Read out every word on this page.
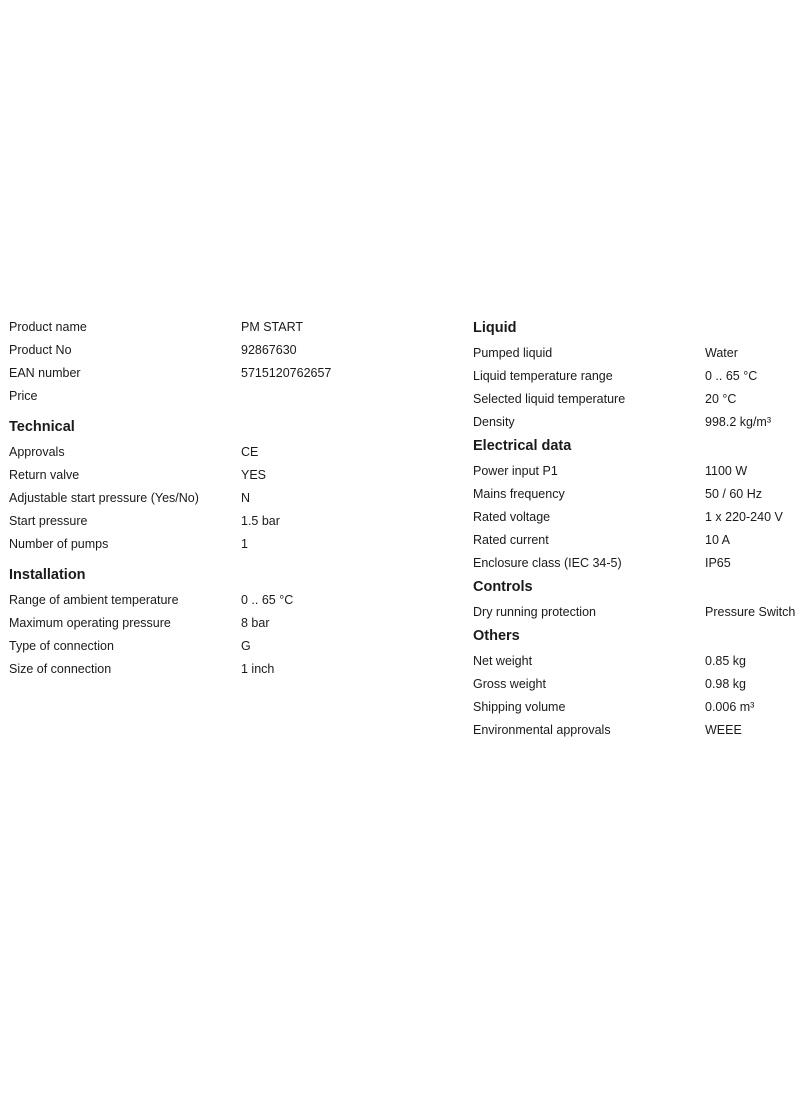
Product name	PM START
Product No	92867630
EAN number	5715120762657
Price
Technical
Approvals	CE
Return valve	YES
Adjustable start pressure (Yes/No)	N
Start pressure	1.5 bar
Number of pumps	1
Installation
Range of ambient temperature	0 .. 65 °C
Maximum operating pressure	8 bar
Type of connection	G
Size of connection	1 inch
Liquid
Pumped liquid	Water
Liquid temperature range	0 .. 65 °C
Selected liquid temperature	20 °C
Density	998.2 kg/m³
Electrical data
Power input P1	1100 W
Mains frequency	50 / 60 Hz
Rated voltage	1 x 220-240 V
Rated current	10 A
Enclosure class (IEC 34-5)	IP65
Controls
Dry running protection	Pressure Switch
Others
Net weight	0.85 kg
Gross weight	0.98 kg
Shipping volume	0.006 m³
Environmental approvals	WEEE
